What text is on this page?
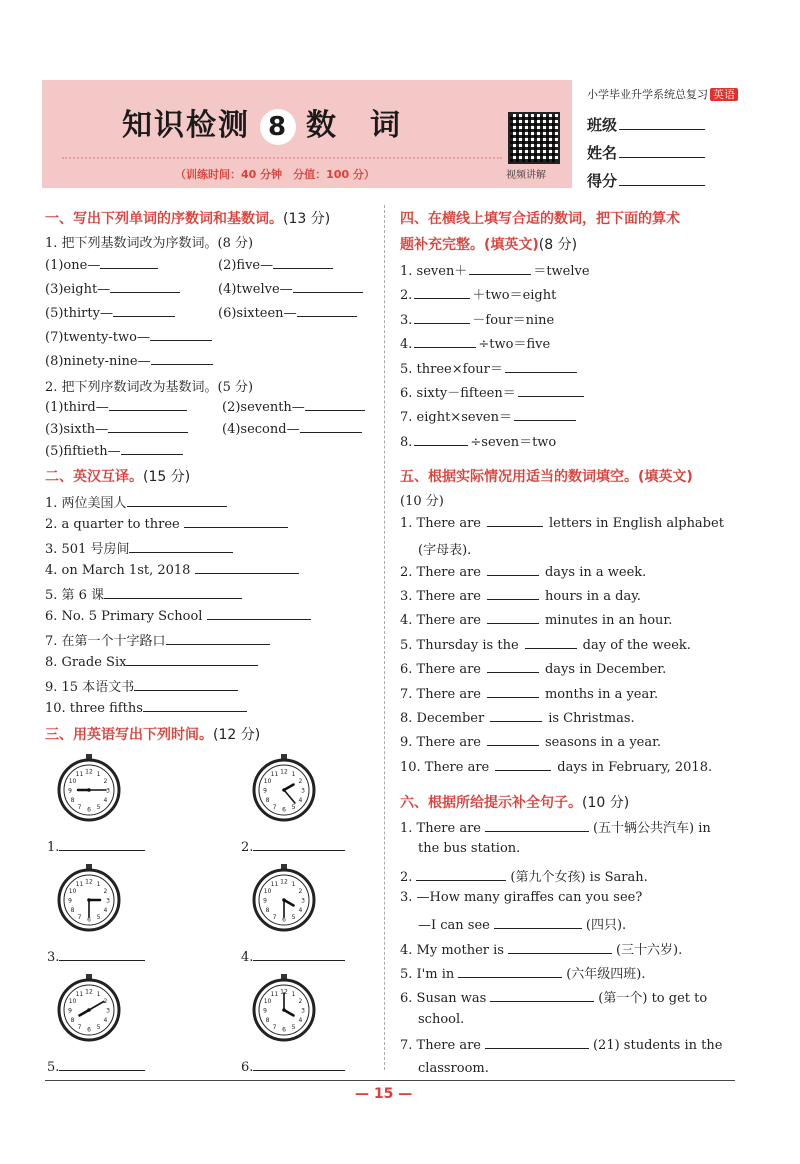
知识检测 8 数　词
（训练时间：40 分钟　分值：100 分）	视频讲解
小学毕业升学系统总复习 英语
班级
姓名
得分
一、写出下列单词的序数词和基数词。(13 分)
1. 把下列基数词改为序数词。(8 分)
(1)one—	(2)five—
(3)eight—	(4)twelve—
(5)thirty—	(6)sixteen—
(7)twenty-two—
(8)ninety-nine—
2. 把下列序数词改为基数词。(5 分)
(1)third—	(2)seventh—
(3)sixth—	(4)second—
(5)fiftieth—
二、英汉互译。(15 分)
1. 两位美国人
2. a quarter to three
3. 501 号房间
4. on March 1st, 2018
5. 第 6 课
6. No. 5 Primary School
7. 在第一个十字路口
8. Grade Six
9. 15 本语文书
10. three fifths
三、用英语写出下列时间。(12 分)
1
2
3
4
5
6
7
8
9
10
11 12	1
2
3
4
5
6
7
8
9
10
11 12
1
2
3
4
5
6
7
8
9
10
11 12	1
2
3
4
5
6
7
8
9
10
11 12
1
2
3
4
5
6
7
8
9
10
11 12	1
2
3
4
5
6
7
8
9
10
11 12
1.	2.
3.	4.
5.	6.
四、在横线上填写合适的数词，把下面的算术
题补充完整。(填英文)(8 分)
1. seven＋	＝twelve
2.	＋two＝eight
3.	－four＝nine
4.	÷two＝five
5. three×four＝
6. sixty－fifteen＝
7. eight×seven＝
8.	÷seven＝two
五、根据实际情况用适当的数词填空。(填英文)
(10 分)
1. There are	letters in English alphabet
(字母表).
2. There are	days in a week.
3. There are	hours in a day.
4. There are	minutes in an hour.
5. Thursday is the	day of the week.
6. There are	days in December.
7. There are	months in a year.
8. December	is Christmas.
9. There are	seasons in a year.
10. There are	days in February, 2018.
六、根据所给提示补全句子。(10 分)
1. There are	(五十辆公共汽车) in
the bus station.
2.	(第九个女孩) is Sarah.
3. —How many giraffes can you see?
—I can see	(四只).
4. My mother is	(三十六岁).
5. I'm in	(六年级四班).
6. Susan was	(第一个) to get to
school.
7. There are	(21) students in the
classroom.
— 15 —
